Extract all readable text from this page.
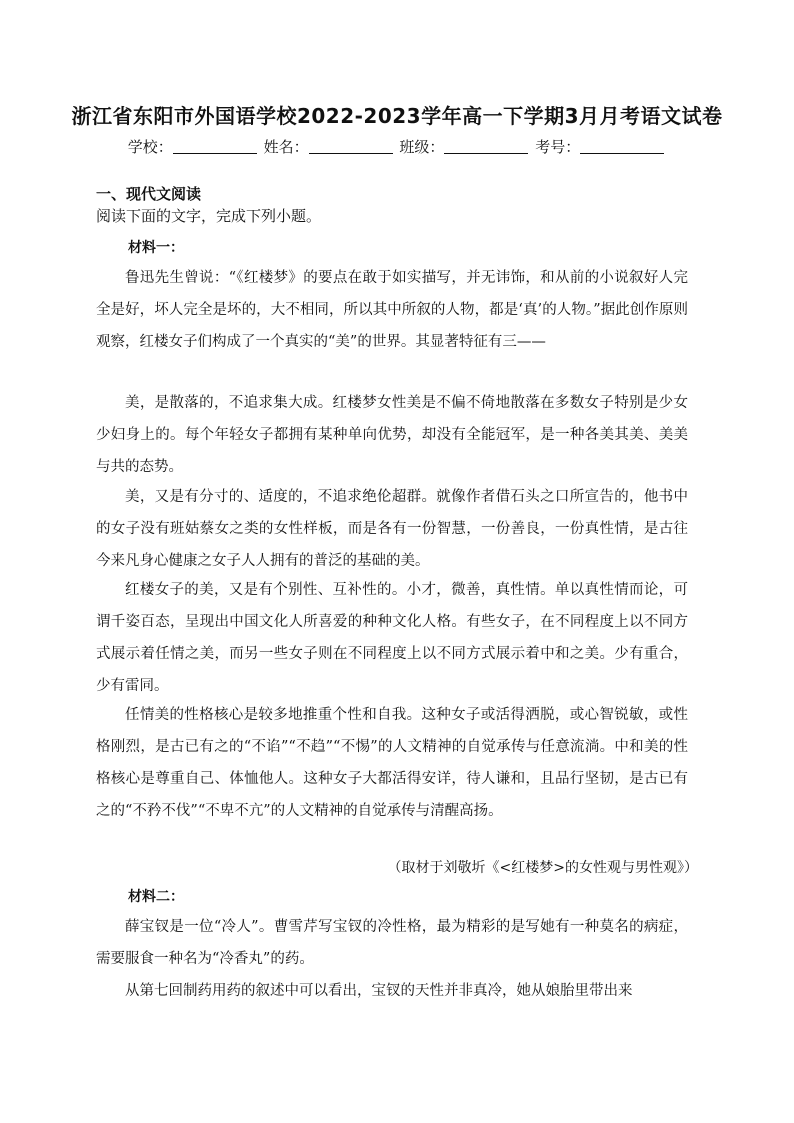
浙江省东阳市外国语学校2022-2023学年高一下学期3月月考语文试卷
学校：	姓名：	班级：	考号：
一、现代文阅读
阅读下面的文字，完成下列小题。
材料一：

鲁迅先生曾说：“《红楼梦》的要点在敢于如实描写，并无讳饰，和从前的小说叙好人完全是好，坏人完全是坏的，大不相同，所以其中所叙的人物，都是‘真’的人物。”据此创作原则观察，红楼女子们构成了一个真实的“美”的世界。其显著特征有三——

美，是散落的，不追求集大成。红楼梦女性美是不偏不倚地散落在多数女子特别是少女少妇身上的。每个年轻女子都拥有某种单向优势，却没有全能冠军，是一种各美其美、美美与共的态势。

美，又是有分寸的、适度的，不追求绝伦超群。就像作者借石头之口所宣告的，他书中的女子没有班姑蔡女之类的女性样板，而是各有一份智慧，一份善良，一份真性情，是古往今来凡身心健康之女子人人拥有的普泛的基础的美。

红楼女子的美，又是有个别性、互补性的。小才，微善，真性情。单以真性情而论，可谓千姿百态，呈现出中国文化人所喜爱的种种文化人格。有些女子，在不同程度上以不同方式展示着任情之美，而另一些女子则在不同程度上以不同方式展示着中和之美。少有重合，少有雷同。

任情美的性格核心是较多地推重个性和自我。这种女子或活得洒脱，或心智锐敏，或性格刚烈，是古已有之的“不谄”“不趋”“不惕”的人文精神的自觉承传与任意流淌。中和美的性格核心是尊重自己、体恤他人。这种女子大都活得安详，待人谦和，且品行坚韧，是古已有之的“不矜不伐”“不卑不亢”的人文精神的自觉承传与清醒高扬。

（取材于刘敬圻《<红楼梦>的女性观与男性观》）
材料二：

薛宝钗是一位“冷人”。曹雪芹写宝钗的冷性格，最为精彩的是写她有一种莫名的病症，需要服食一种名为“冷香丸”的药。

从第七回制药用药的叙述中可以看出，宝钗的天性并非真冷，她从娘胎里带出来
